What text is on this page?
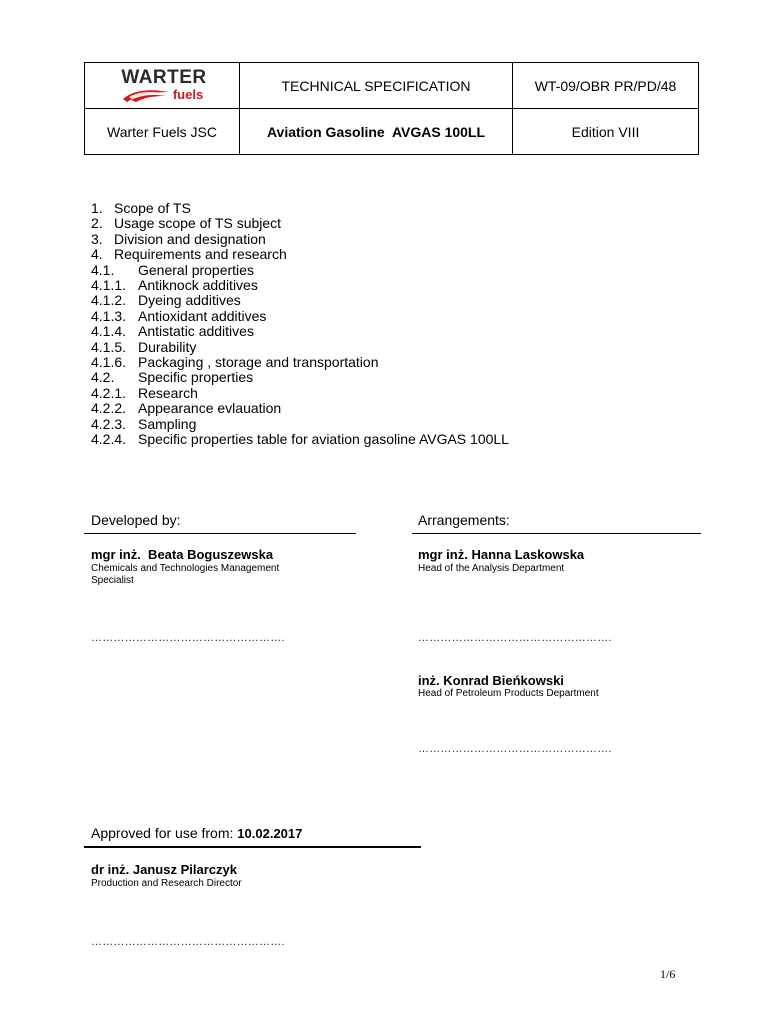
WARTER
fuels	TECHNICAL SPECIFICATION	WT-09/OBR PR/PD/48
Warter Fuels JSC	Aviation Gasoline  AVGAS 100LL	Edition VIII
1. Scope of TS
2. Usage scope of TS subject
3. Division and designation
4. Requirements and research
4.1.	General properties
4.1.1. Antiknock additives
4.1.2. Dyeing additives
4.1.3. Antioxidant additives
4.1.4. Antistatic additives
4.1.5. Durability
4.1.6. Packaging , storage and transportation
4.2.	Specific properties
4.2.1. Research
4.2.2. Appearance evlauation
4.2.3. Sampling
4.2.4. Specific properties table for aviation gasoline AVGAS 100LL
Developed by:
mgr inż.  Beata Boguszewska
Chemicals and Technologies Management
Specialist
…………………………………………….
Arrangements:
mgr inż. Hanna Laskowska
Head of the Analysis Department
…………………………………………….
inż. Konrad Bieńkowski
Head of Petroleum Products Department
…………………………………………….
Approved for use from: 10.02.2017
dr inż. Janusz Pilarczyk
Production and Research Director
…………………………………………….
1/6
